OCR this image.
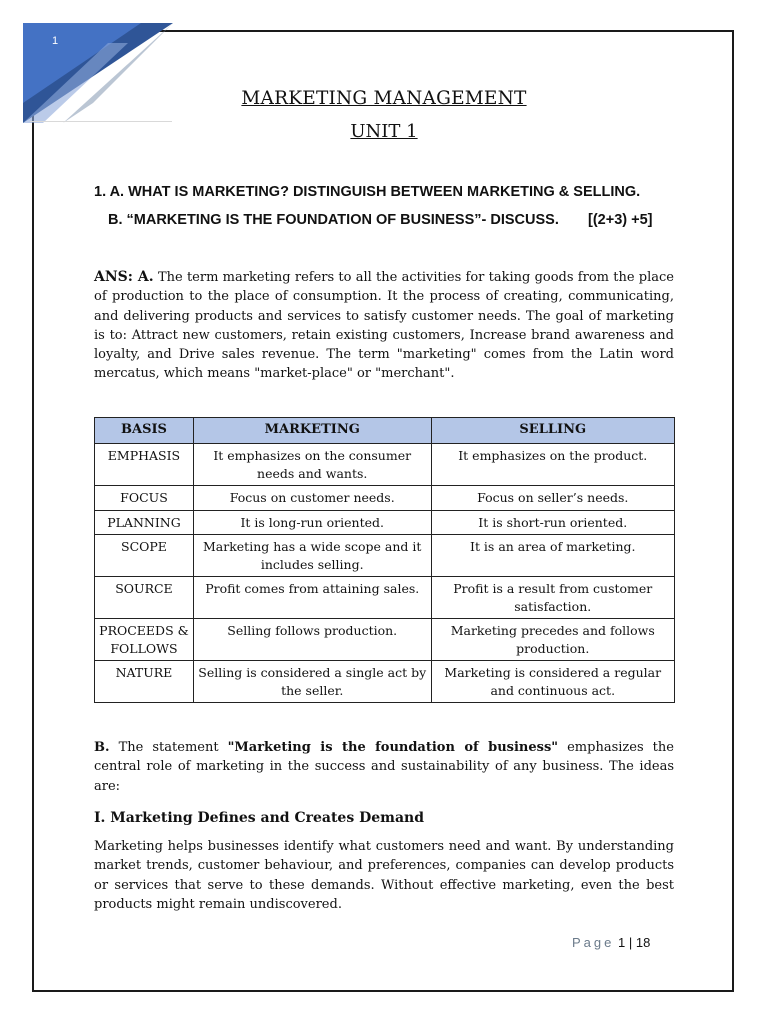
1
MARKETING MANAGEMENT
UNIT 1
1. A. WHAT IS MARKETING? DISTINGUISH BETWEEN MARKETING & SELLING.
B. “MARKETING IS THE FOUNDATION OF BUSINESS”- DISCUSS. [(2+3) +5]
ANS: A. The term marketing refers to all the activities for taking goods from the place of production to the place of consumption. It the process of creating, communicating, and delivering products and services to satisfy customer needs. The goal of marketing is to: Attract new customers, retain existing customers, Increase brand awareness and loyalty, and Drive sales revenue. The term "marketing" comes from the Latin word mercatus, which means "market-place" or "merchant".
BASIS	MARKETING	SELLING
EMPHASIS	It emphasizes on the consumer needs and wants.	It emphasizes on the product.
FOCUS	Focus on customer needs.	Focus on seller’s needs.
PLANNING	It is long-run oriented.	It is short-run oriented.
SCOPE	Marketing has a wide scope and it includes selling.	It is an area of marketing.
SOURCE	Profit comes from attaining sales.	Profit is a result from customer satisfaction.
PROCEEDS & FOLLOWS	Selling follows production.	Marketing precedes and follows production.
NATURE	Selling is considered a single act by the seller.	Marketing is considered a regular and continuous act.
B. The statement "Marketing is the foundation of business" emphasizes the central role of marketing in the success and sustainability of any business. The ideas are:
I. Marketing Defines and Creates Demand
Marketing helps businesses identify what customers need and want. By understanding market trends, customer behaviour, and preferences, companies can develop products or services that serve to these demands. Without effective marketing, even the best products might remain undiscovered.
Page 1 | 18
